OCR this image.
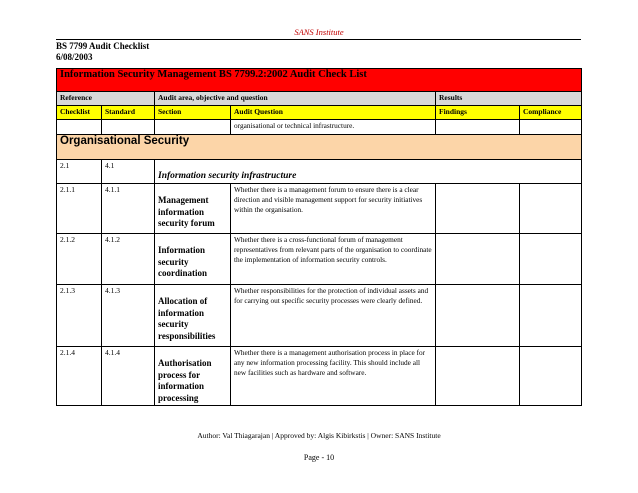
SANS Institute
BS 7799 Audit Checklist
6/08/2003
Information Security Management BS 7799.2:2002 Audit Check List					
Reference		Audit area, objective and question		Results	
Checklist	Standard	Section	Audit Question	Findings	Compliance
			organisational or technical infrastructure.		
Organisational Security					
2.1	4.1	Information security infrastructure			

2.1.1	4.1.1	Management information security forum	Whether there is a management forum to ensure there is a clear direction and visible management support for security initiatives within the organisation.		
2.1.2	4.1.2	Information security coordination	Whether there is a cross-functional forum of management representatives from relevant parts of the organisation to coordinate the implementation of information security controls.		
2.1.3	4.1.3	Allocation of information security responsibilities	Whether responsibilities for the protection of individual assets and for carrying out specific security processes were clearly defined.		
2.1.4	4.1.4	Authorisation process for information processing	Whether there is a management authorisation process in place for any new information processing facility. This should include all new facilities such as hardware and software.		
Author: Val Thiagarajan | Approved by: Algis Kibirkstis | Owner: SANS Institute
Page - 10
